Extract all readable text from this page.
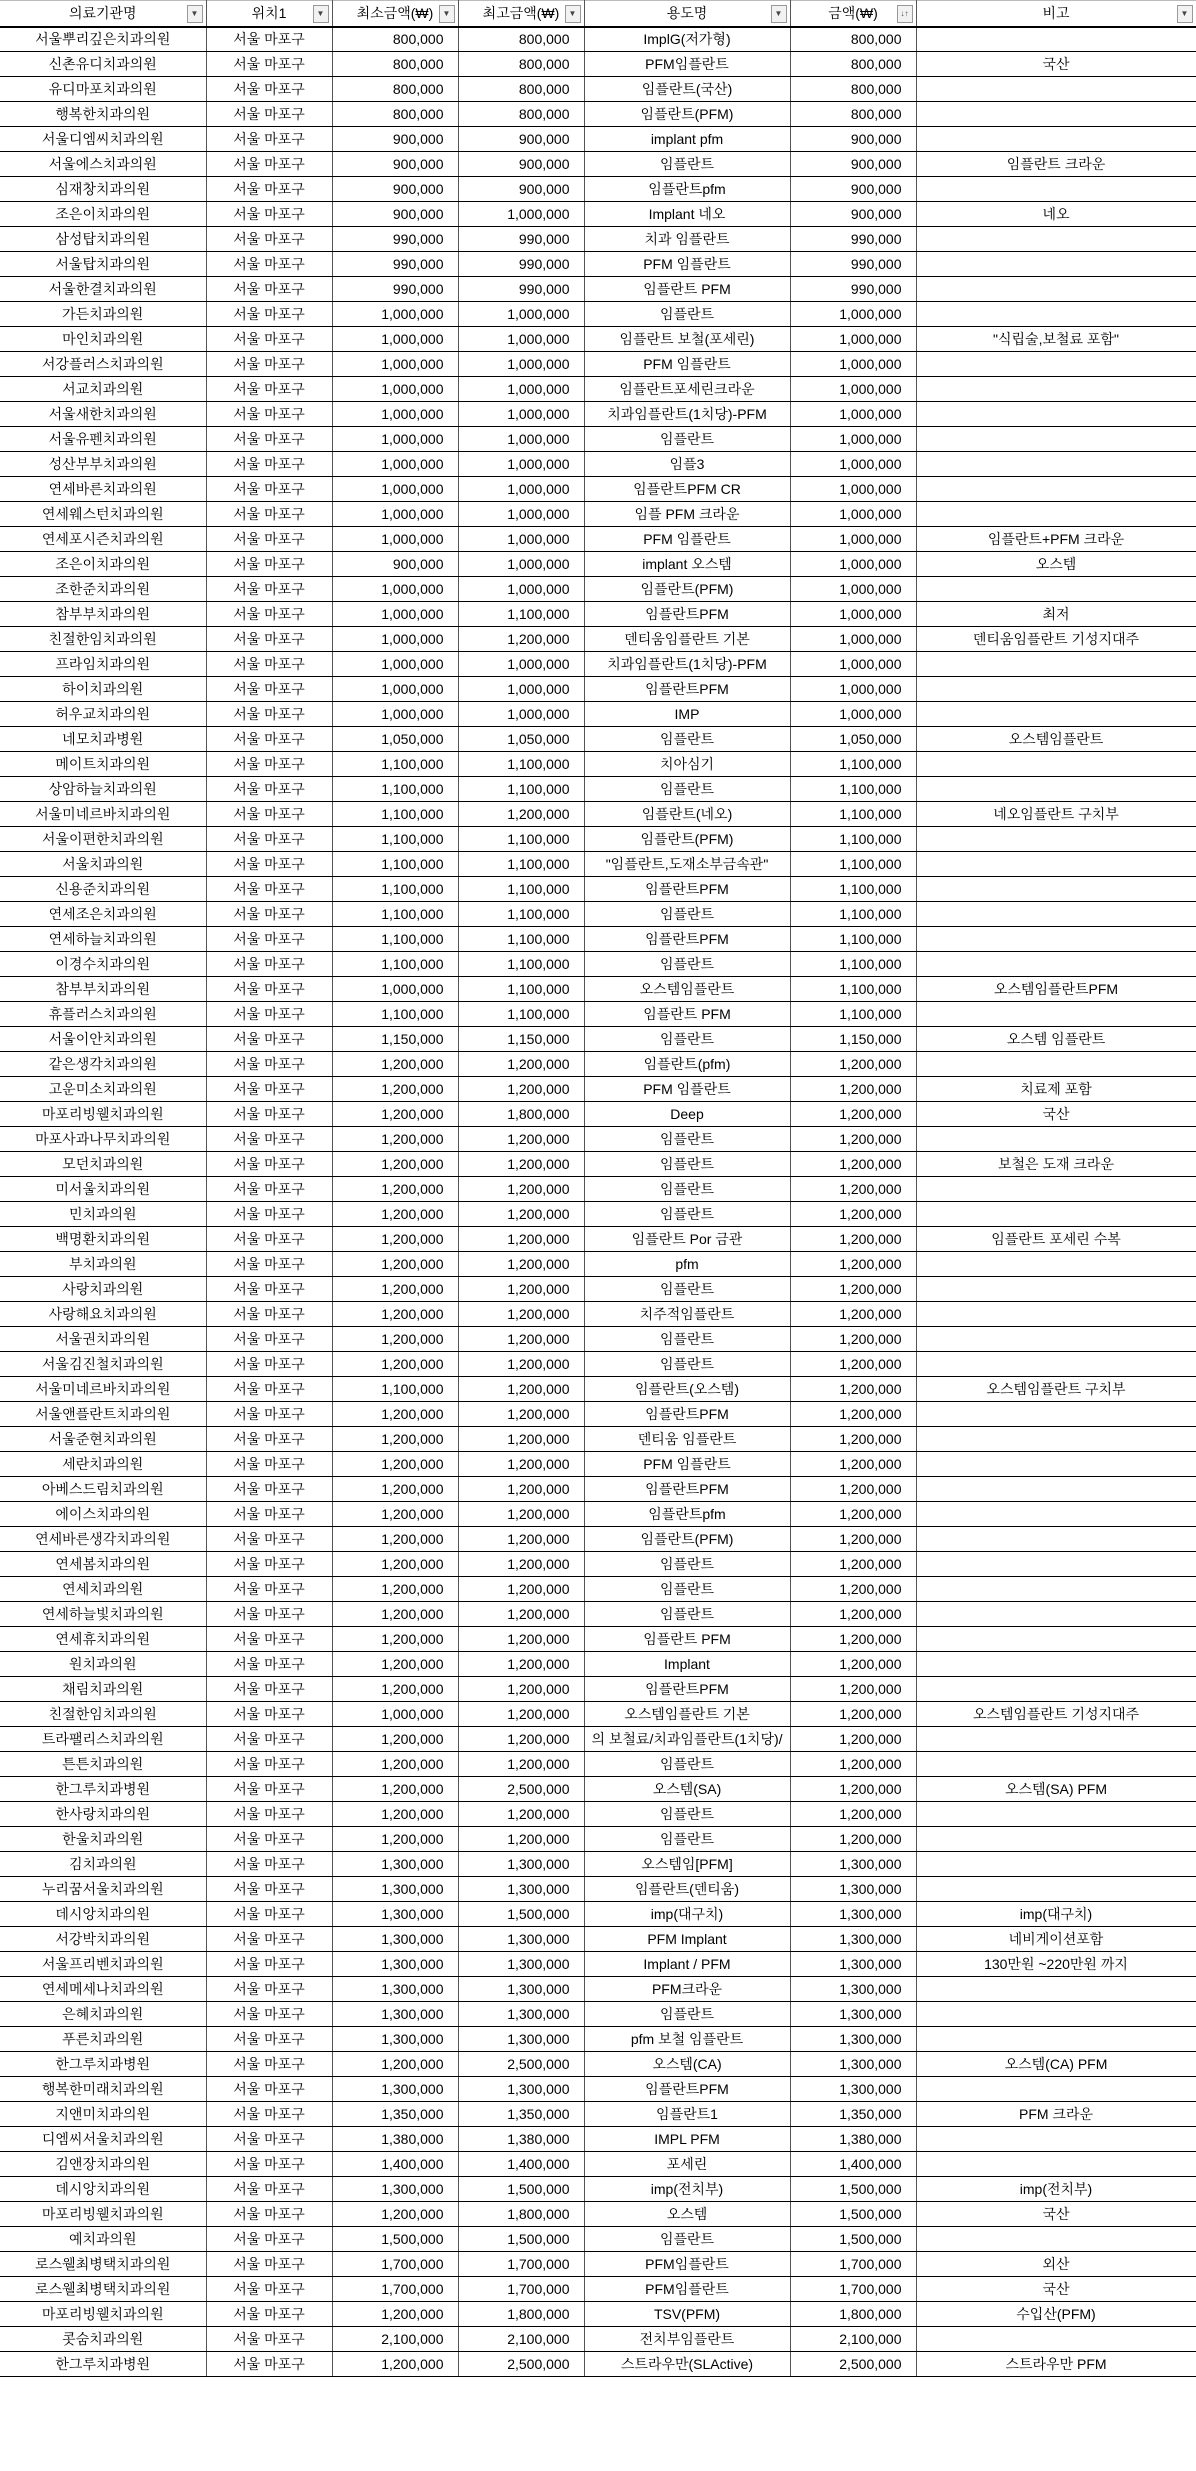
의료기관명 ▼	위치1 ▼	최소금액(₩) ▼	최고금액(₩) ▼	용도명 ▼	금액(₩) ↓↑	비고 ▼

서울뿌리깊은치과의원	서울 마포구	800,000	800,000	ImplG(저가형)	800,000	
신촌유디치과의원	서울 마포구	800,000	800,000	PFM임플란트	800,000	국산
유디마포치과의원	서울 마포구	800,000	800,000	임플란트(국산)	800,000	
행복한치과의원	서울 마포구	800,000	800,000	임플란트(PFM)	800,000	
서울디엠씨치과의원	서울 마포구	900,000	900,000	implant pfm	900,000	
서울에스치과의원	서울 마포구	900,000	900,000	임플란트	900,000	임플란트 크라운
심재창치과의원	서울 마포구	900,000	900,000	임플란트pfm	900,000	
조은이치과의원	서울 마포구	900,000	1,000,000	Implant 네오	900,000	네오
삼성탑치과의원	서울 마포구	990,000	990,000	치과 임플란트	990,000	
서울탑치과의원	서울 마포구	990,000	990,000	PFM 임플란트	990,000	
서울한결치과의원	서울 마포구	990,000	990,000	임플란트 PFM	990,000	
가든치과의원	서울 마포구	1,000,000	1,000,000	임플란트	1,000,000	
마인치과의원	서울 마포구	1,000,000	1,000,000	임플란트 보철(포세린)	1,000,000	"식립술,보철료 포함"
서강플러스치과의원	서울 마포구	1,000,000	1,000,000	PFM 임플란트	1,000,000	
서교치과의원	서울 마포구	1,000,000	1,000,000	임플란트포세린크라운	1,000,000	
서울새한치과의원	서울 마포구	1,000,000	1,000,000	치과임플란트(1치당)-PFM	1,000,000	
서울유펜치과의원	서울 마포구	1,000,000	1,000,000	임플란트	1,000,000	
성산부부치과의원	서울 마포구	1,000,000	1,000,000	임플3	1,000,000	
연세바른치과의원	서울 마포구	1,000,000	1,000,000	임플란트PFM CR	1,000,000	
연세웨스턴치과의원	서울 마포구	1,000,000	1,000,000	임플 PFM 크라운	1,000,000	
연세포시즌치과의원	서울 마포구	1,000,000	1,000,000	PFM 임플란트	1,000,000	임플란트+PFM 크라운
조은이치과의원	서울 마포구	900,000	1,000,000	implant 오스템	1,000,000	오스템
조한준치과의원	서울 마포구	1,000,000	1,000,000	임플란트(PFM)	1,000,000	
참부부치과의원	서울 마포구	1,000,000	1,100,000	임플란트PFM	1,000,000	최저
친절한임치과의원	서울 마포구	1,000,000	1,200,000	덴티움임플란트 기본	1,000,000	덴티움임플란트 기성지대주
프라임치과의원	서울 마포구	1,000,000	1,000,000	치과임플란트(1치당)-PFM	1,000,000	
하이치과의원	서울 마포구	1,000,000	1,000,000	임플란트PFM	1,000,000	
허우교치과의원	서울 마포구	1,000,000	1,000,000	IMP	1,000,000	
네모치과병원	서울 마포구	1,050,000	1,050,000	임플란트	1,050,000	오스템임플란트
메이트치과의원	서울 마포구	1,100,000	1,100,000	치아심기	1,100,000	
상암하늘치과의원	서울 마포구	1,100,000	1,100,000	임플란트	1,100,000	
서울미네르바치과의원	서울 마포구	1,100,000	1,200,000	임플란트(네오)	1,100,000	네오임플란트 구치부
서울이편한치과의원	서울 마포구	1,100,000	1,100,000	임플란트(PFM)	1,100,000	
서울치과의원	서울 마포구	1,100,000	1,100,000	"임플란트,도재소부금속관"	1,100,000	
신용준치과의원	서울 마포구	1,100,000	1,100,000	임플란트PFM	1,100,000	
연세조은치과의원	서울 마포구	1,100,000	1,100,000	임플란트	1,100,000	
연세하늘치과의원	서울 마포구	1,100,000	1,100,000	임플란트PFM	1,100,000	
이경수치과의원	서울 마포구	1,100,000	1,100,000	임플란트	1,100,000	
참부부치과의원	서울 마포구	1,000,000	1,100,000	오스템임플란트	1,100,000	오스템임플란트PFM
휴플러스치과의원	서울 마포구	1,100,000	1,100,000	임플란트 PFM	1,100,000	
서울이안치과의원	서울 마포구	1,150,000	1,150,000	임플란트	1,150,000	오스템 임플란트
같은생각치과의원	서울 마포구	1,200,000	1,200,000	임플란트(pfm)	1,200,000	
고운미소치과의원	서울 마포구	1,200,000	1,200,000	PFM 임플란트	1,200,000	치료제 포함
마포리빙웰치과의원	서울 마포구	1,200,000	1,800,000	Deep	1,200,000	국산
마포사과나무치과의원	서울 마포구	1,200,000	1,200,000	임플란트	1,200,000	
모던치과의원	서울 마포구	1,200,000	1,200,000	임플란트	1,200,000	보철은 도재 크라운
미서울치과의원	서울 마포구	1,200,000	1,200,000	임플란트	1,200,000	
민치과의원	서울 마포구	1,200,000	1,200,000	임플란트	1,200,000	
백명환치과의원	서울 마포구	1,200,000	1,200,000	임플란트 Por 금관	1,200,000	임플란트 포세린 수복
부치과의원	서울 마포구	1,200,000	1,200,000	pfm	1,200,000	
사랑치과의원	서울 마포구	1,200,000	1,200,000	임플란트	1,200,000	
사랑해요치과의원	서울 마포구	1,200,000	1,200,000	치주적임플란트	1,200,000	
서울권치과의원	서울 마포구	1,200,000	1,200,000	임플란트	1,200,000	
서울김진철치과의원	서울 마포구	1,200,000	1,200,000	임플란트	1,200,000	
서울미네르바치과의원	서울 마포구	1,100,000	1,200,000	임플란트(오스템)	1,200,000	오스템임플란트 구치부
서울앤플란트치과의원	서울 마포구	1,200,000	1,200,000	임플란트PFM	1,200,000	
서울준현치과의원	서울 마포구	1,200,000	1,200,000	덴티움 임플란트	1,200,000	
세란치과의원	서울 마포구	1,200,000	1,200,000	PFM 임플란트	1,200,000	
아베스드림치과의원	서울 마포구	1,200,000	1,200,000	임플란트PFM	1,200,000	
에이스치과의원	서울 마포구	1,200,000	1,200,000	임플란트pfm	1,200,000	
연세바른생각치과의원	서울 마포구	1,200,000	1,200,000	임플란트(PFM)	1,200,000	
연세봄치과의원	서울 마포구	1,200,000	1,200,000	임플란트	1,200,000	
연세치과의원	서울 마포구	1,200,000	1,200,000	임플란트	1,200,000	
연세하늘빛치과의원	서울 마포구	1,200,000	1,200,000	임플란트	1,200,000	
연세휴치과의원	서울 마포구	1,200,000	1,200,000	임플란트 PFM	1,200,000	
원치과의원	서울 마포구	1,200,000	1,200,000	Implant	1,200,000	
채림치과의원	서울 마포구	1,200,000	1,200,000	임플란트PFM	1,200,000	
친절한임치과의원	서울 마포구	1,000,000	1,200,000	오스템임플란트 기본	1,200,000	오스템임플란트 기성지대주
트라팰리스치과의원	서울 마포구	1,200,000	1,200,000	의 보철료/치과임플란트(1치당)/	1,200,000	
튼튼치과의원	서울 마포구	1,200,000	1,200,000	임플란트	1,200,000	
한그루치과병원	서울 마포구	1,200,000	2,500,000	오스템(SA)	1,200,000	오스템(SA) PFM
한사랑치과의원	서울 마포구	1,200,000	1,200,000	임플란트	1,200,000	
한울치과의원	서울 마포구	1,200,000	1,200,000	임플란트	1,200,000	
김치과의원	서울 마포구	1,300,000	1,300,000	오스템임[PFM]	1,300,000	
누리꿈서울치과의원	서울 마포구	1,300,000	1,300,000	임플란트(덴티움)	1,300,000	
데시앙치과의원	서울 마포구	1,300,000	1,500,000	imp(대구치)	1,300,000	imp(대구치)
서강박치과의원	서울 마포구	1,300,000	1,300,000	PFM Implant	1,300,000	네비게이션포함
서울프리벤치과의원	서울 마포구	1,300,000	1,300,000	Implant / PFM	1,300,000	130만원 ~220만원 까지
연세메세나치과의원	서울 마포구	1,300,000	1,300,000	PFM크라운	1,300,000	
은혜치과의원	서울 마포구	1,300,000	1,300,000	임플란트	1,300,000	
푸른치과의원	서울 마포구	1,300,000	1,300,000	pfm 보철 임플란트	1,300,000	
한그루치과병원	서울 마포구	1,200,000	2,500,000	오스템(CA)	1,300,000	오스템(CA) PFM
행복한미래치과의원	서울 마포구	1,300,000	1,300,000	임플란트PFM	1,300,000	
지앤미치과의원	서울 마포구	1,350,000	1,350,000	임플란트1	1,350,000	PFM 크라운
디엠씨서울치과의원	서울 마포구	1,380,000	1,380,000	IMPL PFM	1,380,000	
김앤장치과의원	서울 마포구	1,400,000	1,400,000	포세린	1,400,000	
데시앙치과의원	서울 마포구	1,300,000	1,500,000	imp(전치부)	1,500,000	imp(전치부)
마포리빙웰치과의원	서울 마포구	1,200,000	1,800,000	오스템	1,500,000	국산
예치과의원	서울 마포구	1,500,000	1,500,000	임플란트	1,500,000	
로스웰최병택치과의원	서울 마포구	1,700,000	1,700,000	PFM임플란트	1,700,000	외산
로스웰최병택치과의원	서울 마포구	1,700,000	1,700,000	PFM임플란트	1,700,000	국산
마포리빙웰치과의원	서울 마포구	1,200,000	1,800,000	TSV(PFM)	1,800,000	수입산(PFM)
콧숨치과의원	서울 마포구	2,100,000	2,100,000	전치부임플란트	2,100,000	
한그루치과병원	서울 마포구	1,200,000	2,500,000	스트라우만(SLActive)	2,500,000	스트라우만 PFM
